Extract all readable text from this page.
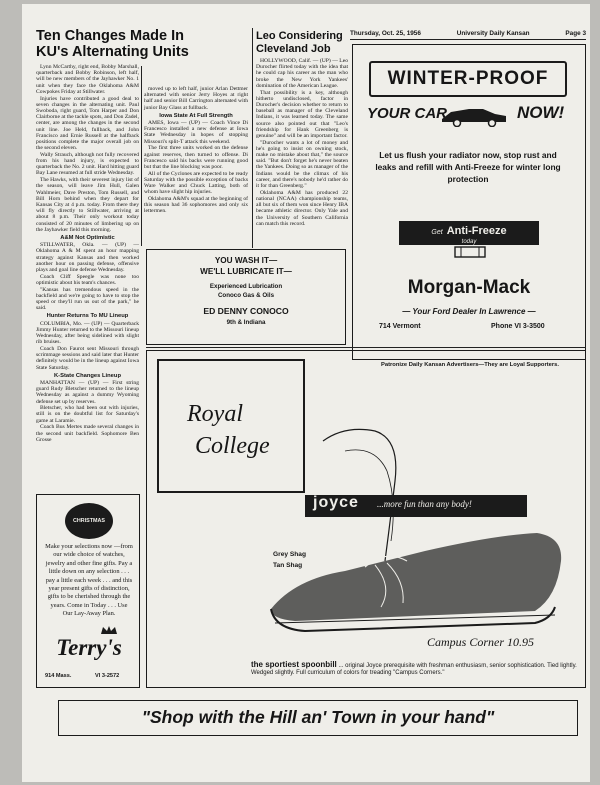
Thursday, Oct. 25, 1956	University Daily Kansan	Page 3
Ten Changes Made In
KU's Alternating Units

Lynn McCarthy, right end, Bobby Marshall, quarterback and Bobby Robinson, left half, will be new members of the Jayhawker No. 1 unit when they face the Oklahoma A&M Cowpokes Friday at Stillwater.

Injuries have contributed a good deal to seven changes in the alternating unit. Paul Swoboda, right guard, Tom Harper and Don Clairborne at the tackle spots, and Don Zadel, center, are among the changes in the second unit line. Joe Held, fullback, and John Francisco and Ernie Russell at the halfback positions complete the major overall job on the second eleven.

Wally Strauch, although not fully recovered from his hand injury, is expected to quarterback the No. 2 unit. Hard hitting guard Bay Lane resumed at full stride Wednesday.

The Hawks, with their severest injury list of the season, will leave Jim Hull, Galen Wahlmeier, Dave Preston, Tom Russell, and Bill Horn behind when they depart for Kansas City at 4 p.m. today. From there they will fly directly to Stillwater, arriving at about 8 p.m. Their only workout today consisted of 20 minutes of limbering up on the Jayhawker field this morning.

A&M Not Optimistic

STILLWATER, Okla. — (UP) — Oklahoma A & M spent an hour mapping strategy against Kansas and then worked another hour on passing defense, offensive plays and goal line defense Wednesday.

Coach Cliff Speegle was none too optimistic about his team's chances.

"Kansas has tremendous speed in the backfield and we're going to have to stop the speed or they'll run us out of the park," he said.

Hunter Returns To MU Lineup

COLUMBIA, Mo. — (UP) — Quarterback Jimmy Hunter returned to the Missouri lineup Wednesday, after being sidelined with slight rib bruises.

Coach Don Faurot sent Missouri through scrimmage sessions and said later that Hunter definitely would be in the lineup against Iowa State Saturday.

K-State Changes Lineup

MANHATTAN — (UP) — First string guard Rudy Bletscher returned to the lineup Wednesday as against a dummy Wyoming defense set up by reserves.

Bletscher, who had been out with injuries, still is on the doubtful list for Saturday's game at Laramie.

Coach Bus Mertes made several changes in the second unit backfield. Sophomore Ben Grosse

moved up to left half, junior Arlan Dettmer alternated with senior Jerry Hoyes at right half and senior Bill Carrington alternated with junior Bay Glass at fullback.

Iowa State At Full Strength

AMES, Iowa — (UP) — Coach Vince Di Francesco installed a new defense at Iowa State Wednesday in hopes of stopping Missouri's split-T attack this weekend.

The first three units worked on the defense against reserves, then turned to offense. Di Francesco said his backs were running good but that the line blocking was poor.

All of the Cyclones are expected to be ready Saturday with the possible exception of backs Ware Walker and Chuck Latting, both of whom have slight hip injuries.

Oklahoma A&M's squad at the beginning of this season had 36 sophomores and only six lettermen.

Leo Considering
Cleveland Job

HOLLYWOOD, Calif. — (UP) — Leo Durocher flirted today with the idea that he could cap his career as the man who broke the New York Yankees' domination of the American League.

That possibility is a key, although hitherto undisclosed, factor in Durocher's decision whether to return to baseball as manager of the Cleveland Indians, it was learned today. The same source also pointed out that "Leo's friendship for Hank Greenberg is genuine" and will be an important factor.

"Durocher wants a lot of money and he's going to insist on owning stock, make no mistake about that," the source said. "But don't forget he's never beaten the Yankees. Doing so as manager of the Indians would be the climax of his career, and there's nobody he'd rather do it for than Greenberg."

Oklahoma A&M has produced 22 national (NCAA) championship teams, all but six of them won since Henry IBA became athletic director. Only Yale and the University of Southern California can match this record.

WINTER-PROOF
YOUR CAR	NOW!
Let us flush your radiator now, stop rust and leaks and refill with Anti-Freeze for winter long protection
Get Anti-Freeze
today
Morgan-Mack
— Your Ford Dealer In Lawrence —
714 Vermont	Phone VI 3-3500
YOU WASH IT—
WE'LL LUBRICATE IT—
Experienced Lubrication
Conoco Gas & Oils
ED DENNY CONOCO
9th & Indiana
Patronize Daily Kansan Advertisers—They are Loyal Supporters.
CHRISTMAS
Make your selections now —from our wide choice of watches, jewelry and other fine gifts. Pay a little down on any selection . . . pay a little each week . . . and this year present gifts of distinction, gifts to be cherished through the years. Come in Today . . . Use Our Lay-Away Plan.
Terry's
914 Mass.	VI 3-2572
Royal
College
joyce ...more fun than any body!
Grey Shag
Tan Shag
Campus Corner 10.95
the sportiest spoonbill ... original Joyce prerequisite with freshman enthusiasm, senior sophistication. Tied lightly. Wedged slightly. Full curriculum of colors for treading "Campus Corners."
"Shop with the Hill an' Town in your hand"
